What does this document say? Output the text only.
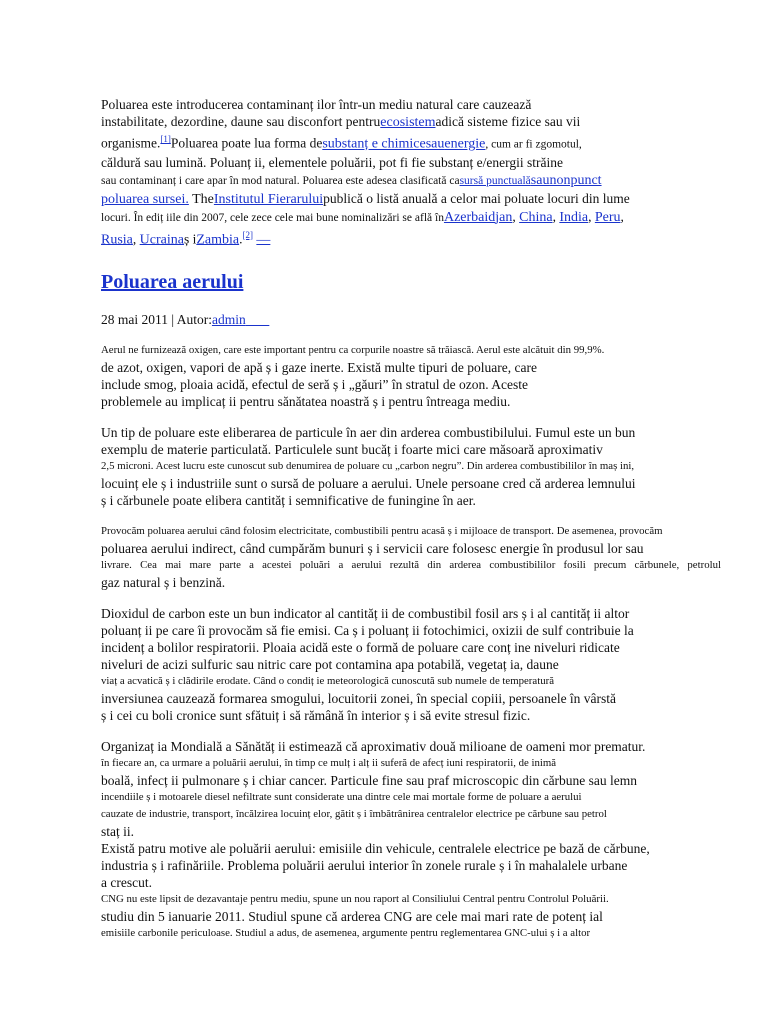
Poluarea este introducerea contaminanț ilor într-un mediu natural care cauzează

instabilitate, dezordine, daune sau disconfort pentruecosistemadică sisteme fizice sau vii

organisme.[1]Poluarea poate lua forma desubstanț e chimicesauenergie, cum ar fi zgomotul,

căldură sau lumină. Poluanț ii, elementele poluării, pot fi fie substanț e/energii străine

sau contaminanț i care apar în mod natural. Poluarea este adesea clasificată casursă punctualăsaunonpunct

poluarea sursei. TheInstitutul Fieraruluipublică o listă anuală a celor mai poluate locuri din lume

locuri. În ediț iile din 2007, cele zece cele mai bune nominalizări se află înAzerbaidjan, China, India, Peru,

Rusia, Ucrainaș iZambia.[2] —

Poluarea aerului

28 mai 2011 | Autor:admin

Aerul ne furnizează oxigen, care este important pentru ca corpurile noastre să trăiască. Aerul este alcătuit din 99,9%.
de azot, oxigen, vapori de apă ș i gaze inerte. Există multe tipuri de poluare, care
include smog, ploaia acidă, efectul de seră ș i „găuri” în stratul de ozon. Aceste
problemele au implicaț ii pentru sănătatea noastră ș i pentru întreaga mediu.
Un tip de poluare este eliberarea de particule în aer din arderea combustibilului. Fumul este un bun
exemplu de materie particulată. Particulele sunt bucăț i foarte mici care măsoară aproximativ
2,5 microni. Acest lucru este cunoscut sub denumirea de poluare cu „carbon negru”. Din arderea combustibililor în maș ini,
locuinț ele ș i industriile sunt o sursă de poluare a aerului. Unele persoane cred că arderea lemnului
ș i cărbunele poate elibera cantităț i semnificative de funingine în aer.
Provocăm poluarea aerului când folosim electricitate, combustibili pentru acasă ș i mijloace de transport. De asemenea, provocăm
poluarea aerului indirect, când cumpărăm bunuri ș i servicii care folosesc energie în produsul lor sau
livrare. Cea mai mare parte a acestei poluări a aerului rezultă din arderea combustibililor fosili precum cărbunele, petrolul
gaz natural ș i benzină.
Dioxidul de carbon este un bun indicator al cantităț ii de combustibil fosil ars ș i al cantităț ii altor
poluanț ii pe care îi provocăm să fie emisi. Ca ș i poluanț ii fotochimici, oxizii de sulf contribuie la
incidenț a bolilor respiratorii. Ploaia acidă este o formă de poluare care conț ine niveluri ridicate
niveluri de acizi sulfuric sau nitric care pot contamina apa potabilă, vegetaț ia, daune
viaț a acvatică ș i clădirile erodate. Când o condiț ie meteorologică cunoscută sub numele de temperatură
inversiunea cauzează formarea smogului, locuitorii zonei, în special copiii, persoanele în vârstă
ș i cei cu boli cronice sunt sfătuiț i să rămână în interior ș i să evite stresul fizic.
Organizaț ia Mondială a Sănătăț ii estimează că aproximativ două milioane de oameni mor prematur.
în fiecare an, ca urmare a poluării aerului, în timp ce mulț i alț ii suferă de afecț iuni respiratorii, de inimă
boală, infecț ii pulmonare ș i chiar cancer. Particule fine sau praf microscopic din cărbune sau lemn
incendiile ș i motoarele diesel nefiltrate sunt considerate una dintre cele mai mortale forme de poluare a aerului
cauzate de industrie, transport, încălzirea locuinț elor, gătit ș i îmbătrânirea centralelor electrice pe cărbune sau petrol
staț ii.
Există patru motive ale poluării aerului: emisiile din vehicule, centralele electrice pe bază de cărbune,
industria ș i rafinăriile. Problema poluării aerului interior în zonele rurale ș i în mahalalele urbane
a crescut.
CNG nu este lipsit de dezavantaje pentru mediu, spune un nou raport al Consiliului Central pentru Controlul Poluării.
studiu din 5 ianuarie 2011. Studiul spune că arderea CNG are cele mai mari rate de potenț ial
emisiile carbonile periculoase. Studiul a adus, de asemenea, argumente pentru reglementarea GNC-ului ș i a altor
